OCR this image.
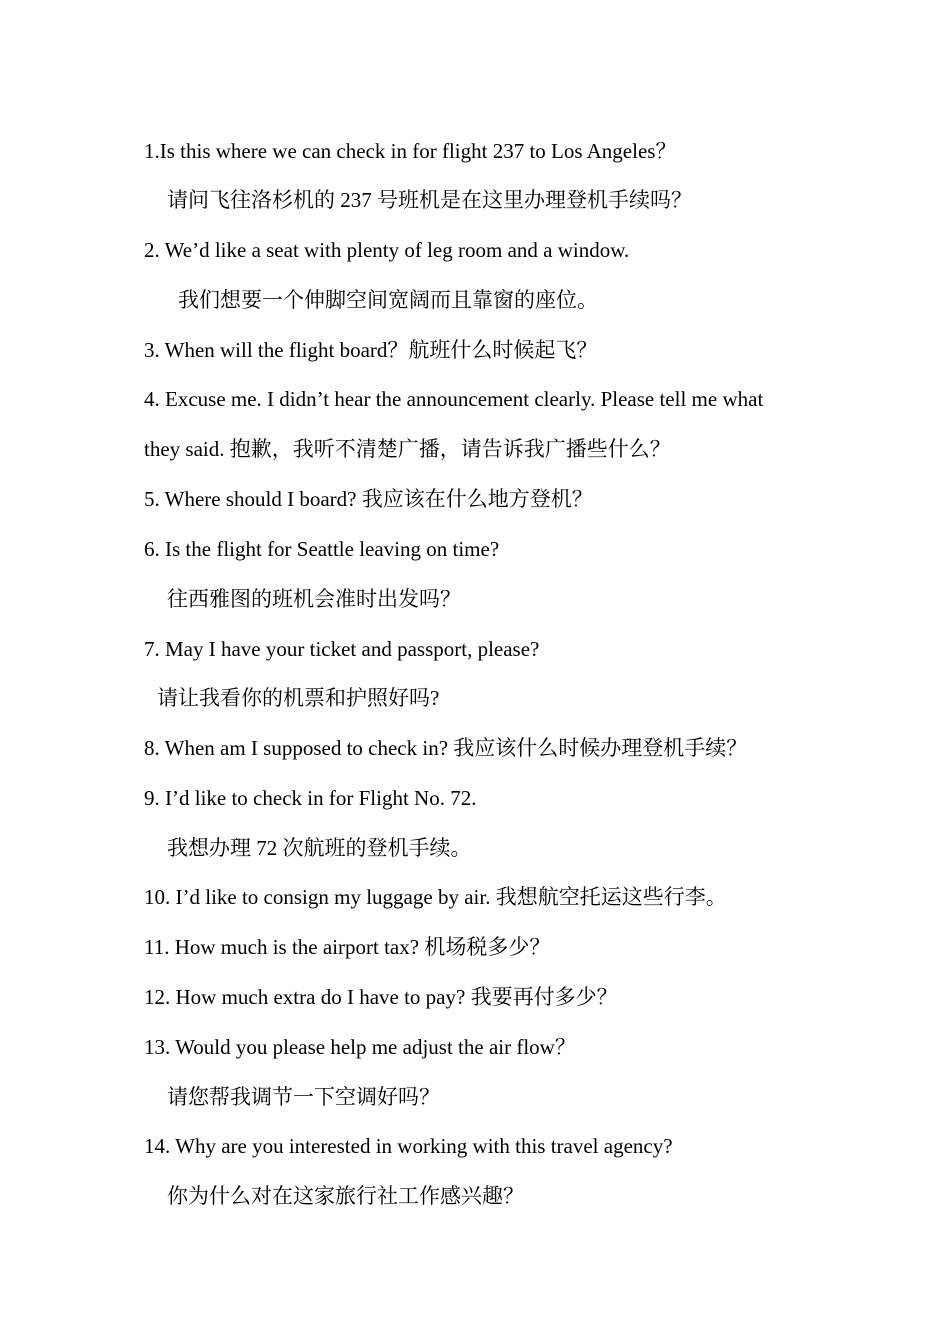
1.Is this where we can check in for flight 237 to Los Angeles？
请问飞往洛杉机的 237 号班机是在这里办理登机手续吗？
2. We’d like a seat with plenty of leg room and a window.
我们想要一个伸脚空间宽阔而且靠窗的座位。
3. When will the flight board？航班什么时候起飞？
4. Excuse me. I didn’t hear the announcement clearly. Please tell me what
they said. 抱歉，我听不清楚广播，请告诉我广播些什么？
5. Where should I board? 我应该在什么地方登机？
6. Is the flight for Seattle leaving on time?
往西雅图的班机会准时出发吗？
7. May I have your ticket and passport, please?
请让我看你的机票和护照好吗?
8. When am I supposed to check in? 我应该什么时候办理登机手续？
9. I’d like to check in for Flight No. 72.
我想办理 72 次航班的登机手续。
10. I’d like to consign my luggage by air. 我想航空托运这些行李。
11. How much is the airport tax? 机场税多少？
12. How much extra do I have to pay? 我要再付多少？
13. Would you please help me adjust the air flow？
请您帮我调节一下空调好吗？
14. Why are you interested in working with this travel agency?
你为什么对在这家旅行社工作感兴趣？
